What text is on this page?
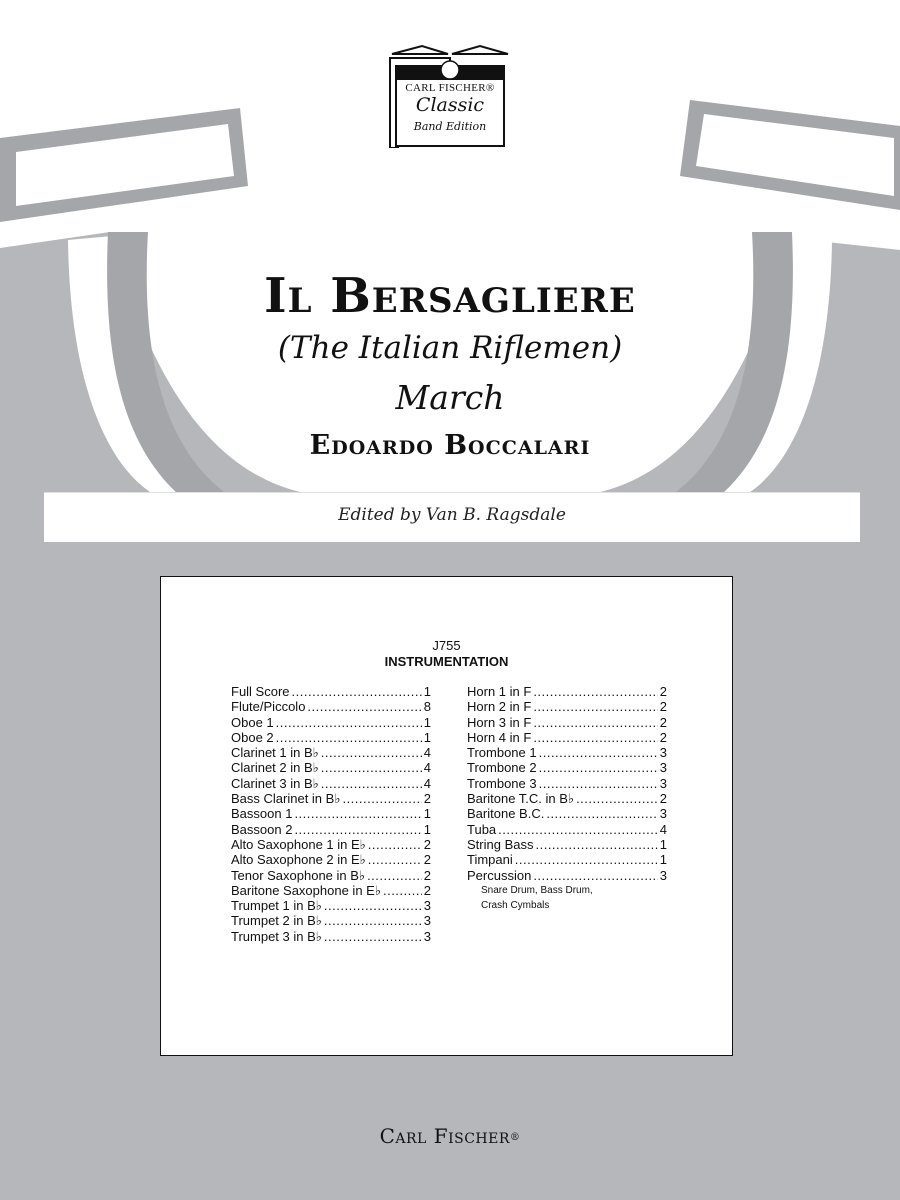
CARL FISCHER®
Classic
Band Edition
Il Bersagliere
(The Italian Riflemen)
March
Edoardo Boccalari
Edited by Van B. Ragsdale
J755
INSTRUMENTATION
Full Score .....	1
Flute/Piccolo .....	8
Oboe 1 .....	1
Oboe 2 .....	1
Clarinet 1 in B♭ .....	4
Clarinet 2 in B♭ .....	4
Clarinet 3 in B♭ .....	4
Bass Clarinet in B♭ .....	2
Bassoon 1 .....	1
Bassoon 2 .....	1
Alto Saxophone 1 in E♭ .....	2
Alto Saxophone 2 in E♭ .....	2
Tenor Saxophone in B♭ .....	2
Baritone Saxophone in E♭ .....	2
Trumpet 1 in B♭ .....	3
Trumpet 2 in B♭ .....	3
Trumpet 3 in B♭ .....	3
Horn 1 in F .....	2
Horn 2 in F .....	2
Horn 3 in F .....	2
Horn 4 in F .....	2
Trombone 1 .....	3
Trombone 2 .....	3
Trombone 3 .....	3
Baritone T.C. in B♭ .....	2
Baritone B.C. .....	3
Tuba .....	4
String Bass .....	1
Timpani .....	1
Percussion .....	3
Snare Drum, Bass Drum,
Crash Cymbals
Carl Fischer®
